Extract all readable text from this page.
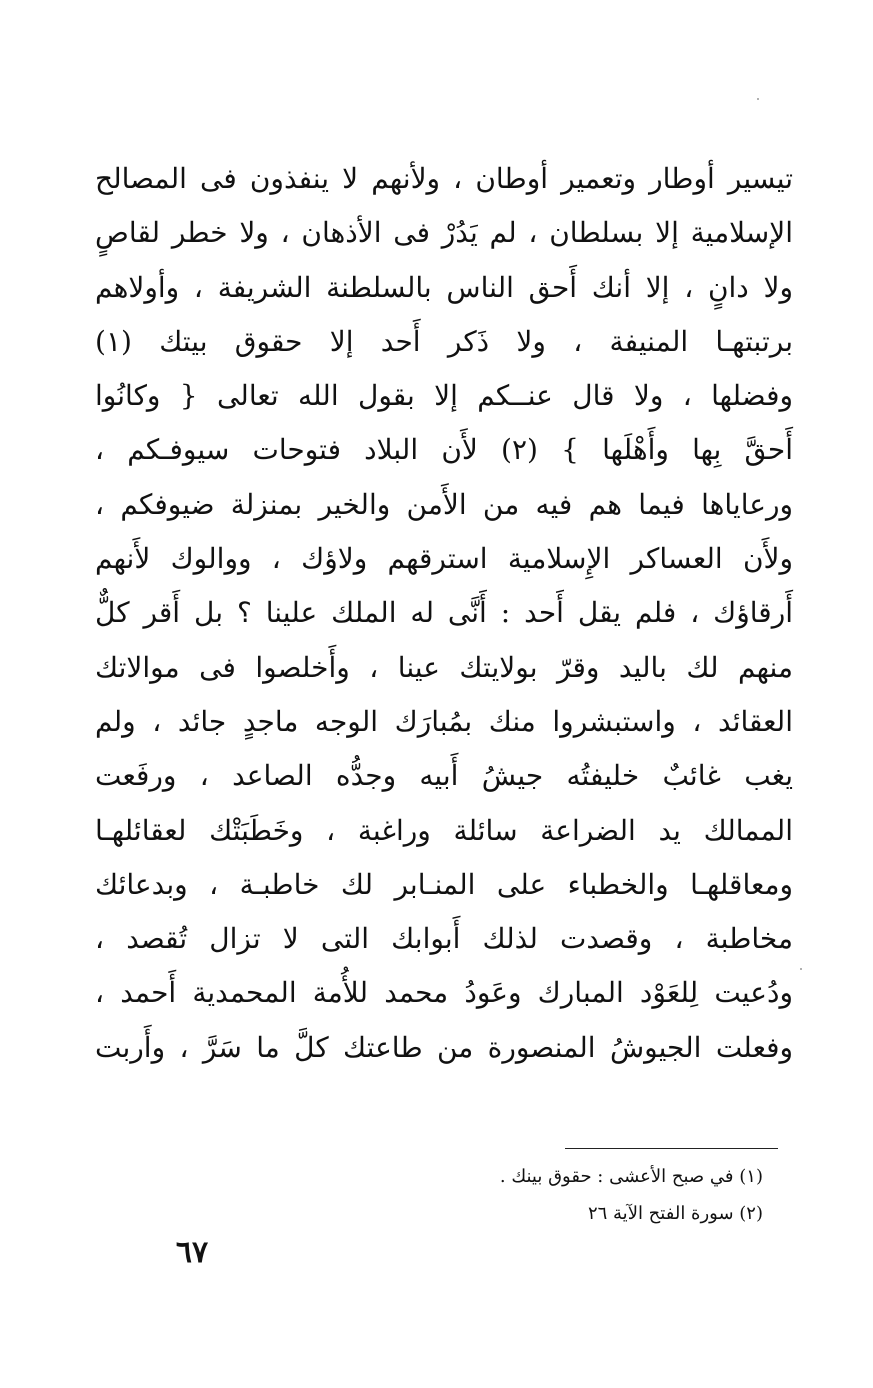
تيسير أوطار وتعمير أوطان ، ولأنهم لا ينفذون فى المصالح
الإسلامية إلا بسلطان ، لم يَدُرْ فى الأذهان ، ولا خطر لقاصٍ
ولا دانٍ ، إلا أنك أَحق الناس بالسلطنة الشريفة ، وأولاهم
برتبتهـا المنيفة ، ولا ذَكر أَحد إلا حقوق بيتك (١)
وفضلها ، ولا قال عنــكم إلا بقول الله تعالى { وكانُوا
أَحقَّ بِها وأَهْلَها } (٢) لأَن البلاد فتوحات سيوفـكم ،
ورعاياها فيما هم فيه من الأَمن والخير بمنزلة ضيوفكم ،
ولأَن العساكر الإِسلامية استرقهم ولاؤك ، ووالوك لأَنهم
أَرقاؤك ، فلم يقل أَحد : أَنَّى له الملك علينا ؟ بل أَقر كلٌّ
منهم لك باليد وقرّ بولايتك عينا ، وأَخلصوا فى موالاتك
العقائد ، واستبشروا منك بمُبارَك الوجه ماجدٍ جائد ، ولم
يغب غائبٌ خليفتُه جيشُ أَبيه وجدُّه الصاعد ، ورفَعت
الممالك يد الضراعة سائلة وراغبة ، وخَطَبَتْك لعقائلهـا
ومعاقلهـا والخطباء على المنـابر لك خاطبـة ، وبدعائك
مخاطبة ، وقصدت لذلك أَبوابك التى لا تزال تُقصد ،
ودُعيت لِلعَوْد المبارك وعَودُ محمد للأُمة المحمدية أَحمد ،
وفعلت الجيوشُ المنصورة من طاعتك كلَّ ما سَرَّ ، وأَربت
(١) في صبح الأعشى : حقوق بينك .
(٢) سورة الفتح الآية ٢٦
٦٧
